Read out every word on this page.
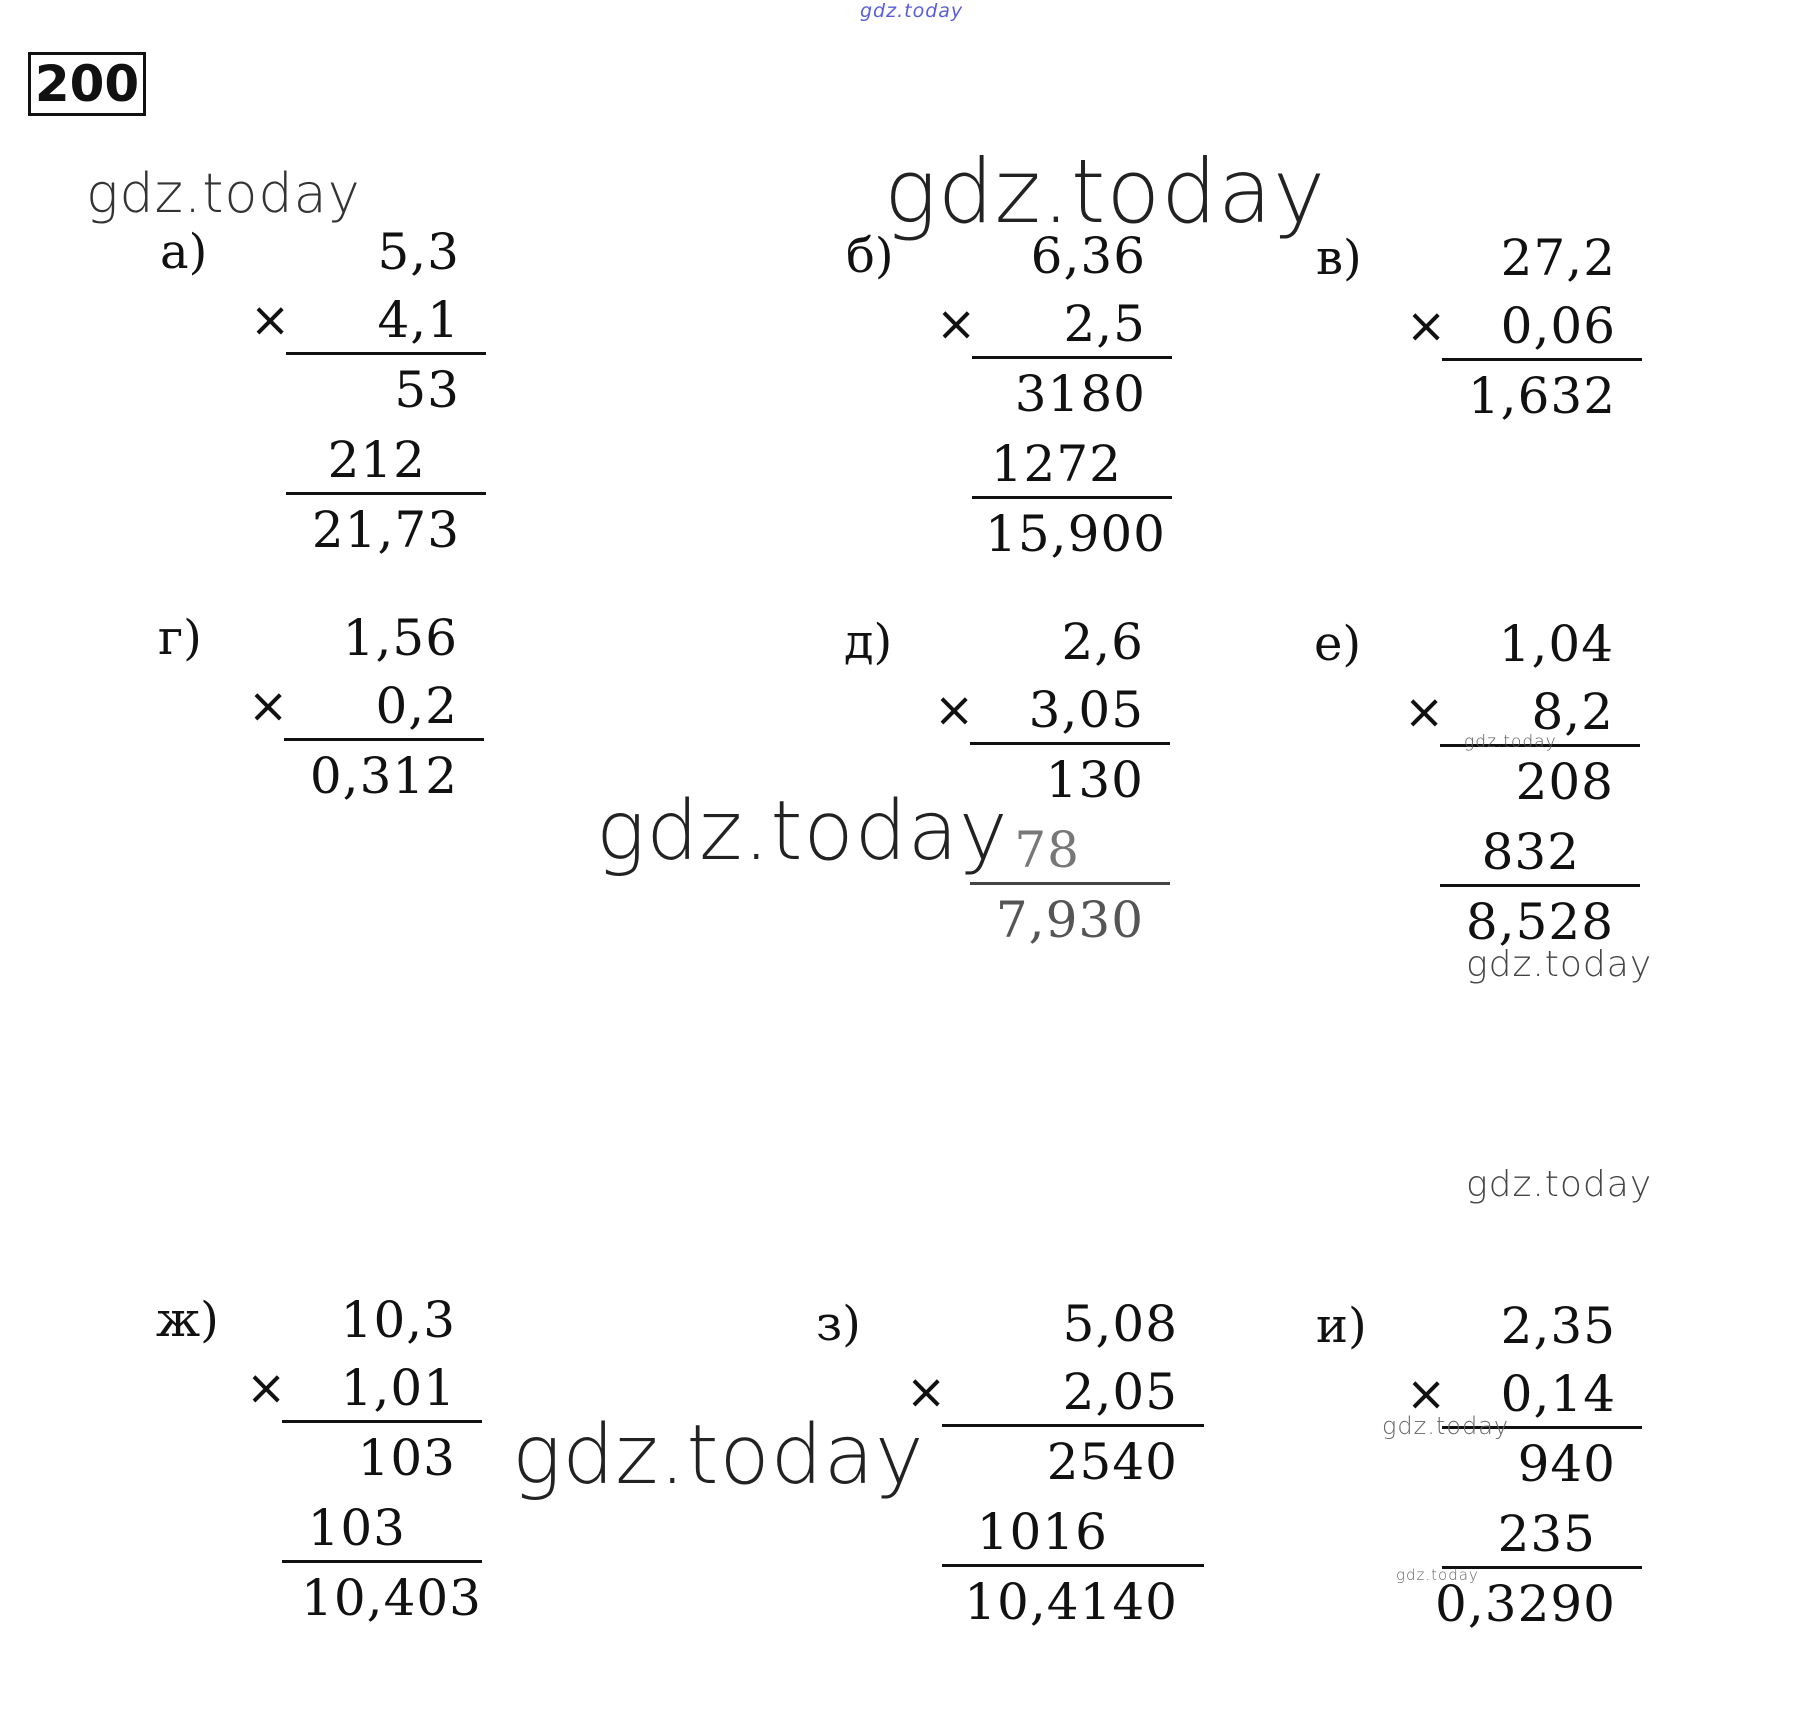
200
gdz.today
gdz.today	gdz.today
а)	5,3
× 4,1
53
212
21,73
б)	6,36
× 2,5
3180
1272
15,900
в)	27,2
× 0,06
1,632
г)	1,56
× 0,2
0,312
д)	2,6
× 3,05
130
78
7,930
е)	1,04
× 8,2
208
832
8,528
gdz.today
gdz.today
gdz.today
gdz.today
ж) 10,3
× 1,01
103
103
10,403
з)	5,08
× 2,05
2540
1016
10,4140
и)	2,35
× 0,14
940
235
0,3290
gdz.today	gdz.today
gdz.today
